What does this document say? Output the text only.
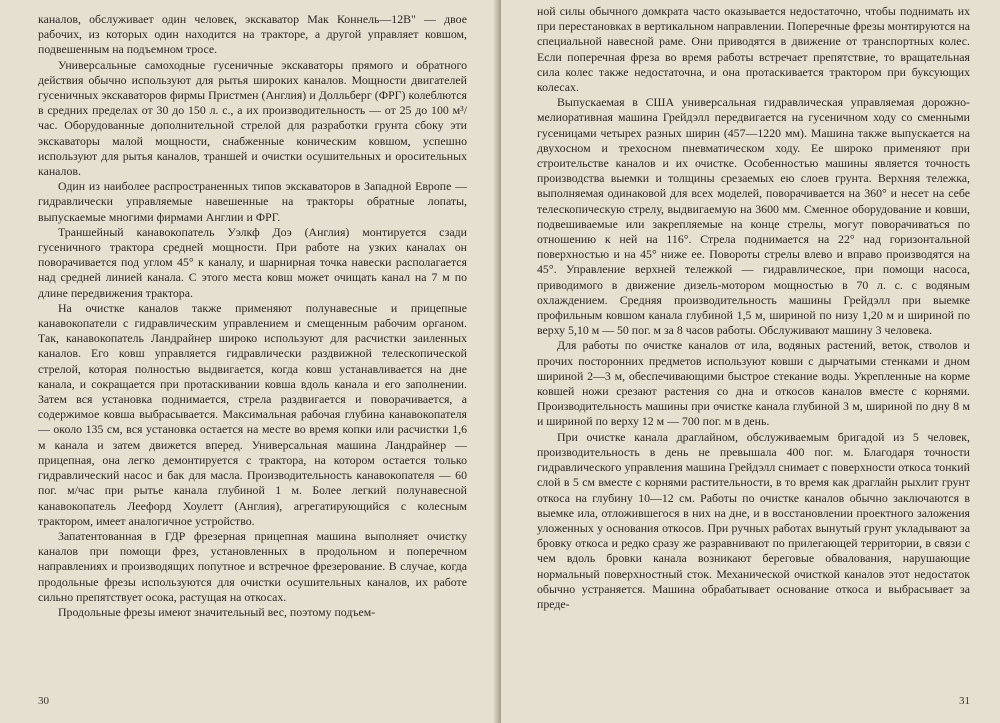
каналов, обслуживает один человек, экскаватор Мак Коннель—12В" — двое рабочих, из которых один находится на тракторе, а другой управляет ковшом, подвешенным на подъемном тросе.

Универсальные самоходные гусеничные экскаваторы прямого и обратного действия обычно используют для рытья широких каналов. Мощности двигателей гусеничных экскаваторов фирмы Пристмен (Англия) и Долльберг (ФРГ) колеблются в средних пределах от 30 до 150 л. с., а их производительность — от 25 до 100 м³/час. Оборудованные дополнительной стрелой для разработки грунта сбоку эти экскаваторы малой мощности, снабженные коническим ковшом, успешно используют для рытья каналов, траншей и очистки осушительных и оросительных каналов.

Один из наиболее распространенных типов экскаваторов в Западной Европе — гидравлически управляемые навешенные на тракторы обратные лопаты, выпускаемые многими фирмами Англии и ФРГ.

Траншейный канавокопатель Уэлкф Доэ (Англия) монтируется сзади гусеничного трактора средней мощности. При работе на узких каналах он поворачивается под углом 45° к каналу, и шарнирная точка навески располагается над средней линией канала. С этого места ковш может очищать канал на 7 м по длине передвижения трактора.

На очистке каналов также применяют полунавесные и прицепные канавокопатели с гидравлическим управлением и смещенным рабочим органом. Так, канавокопатель Ландрайнер широко используют для расчистки заиленных каналов. Его ковш управляется гидравлически раздвижной телескопической стрелой, которая полностью выдвигается, когда ковш устанавливается на дне канала, и сокращается при протаскивании ковша вдоль канала и его заполнении. Затем вся установка поднимается, стрела раздвигается и поворачивается, а содержимое ковша выбрасывается. Максимальная рабочая глубина канавокопателя — около 135 см, вся установка остается на месте во время копки или расчистки 1,6 м канала и затем движется вперед. Универсальная машина Ландрайнер — прицепная, она легко демонтируется с трактора, на котором остается только гидравлический насос и бак для масла. Производительность канавокопателя — 60 пог. м/час при рытье канала глубиной 1 м. Более легкий полунавесной канавокопатель Леефорд Хоулетт (Англия), агрегатирующийся с колесным трактором, имеет аналогичное устройство.

Запатентованная в ГДР фрезерная прицепная машина выполняет очистку каналов при помощи фрез, установленных в продольном и поперечном направлениях и производящих попутное и встречное фрезерование. В случае, когда продольные фрезы используются для очистки осушительных каналов, их работе сильно препятствует осока, растущая на откосах.

Продольные фрезы имеют значительный вес, поэтому подъем-

30

ной силы обычного домкрата часто оказывается недостаточно, чтобы поднимать их при перестановках в вертикальном направлении. Поперечные фрезы монтируются на специальной навесной раме. Они приводятся в движение от транспортных колес. Если поперечная фреза во время работы встречает препятствие, то вращательная сила колес также недостаточна, и она протаскивается трактором при буксующих колесах.

Выпускаемая в США универсальная гидравлическая управляемая дорожно-мелиоративная машина Грейдэлл передвигается на гусеничном ходу со сменными гусеницами четырех разных ширин (457—1220 мм). Машина также выпускается на двухосном и трехосном пневматическом ходу. Ее широко применяют при строительстве каналов и их очистке. Особенностью машины является точность производства выемки и толщины срезаемых ею слоев грунта. Верхняя тележка, выполняемая одинаковой для всех моделей, поворачивается на 360° и несет на себе телескопическую стрелу, выдвигаемую на 3600 мм. Сменное оборудование и ковши, подвешиваемые или закрепляемые на конце стрелы, могут поворачиваться по отношению к ней на 116°. Стрела поднимается на 22° над горизонтальной поверхностью и на 45° ниже ее. Повороты стрелы влево и вправо производятся на 45°. Управление верхней тележкой — гидравлическое, при помощи насоса, приводимого в движение дизель-мотором мощностью в 70 л. с. с водяным охлаждением. Средняя производительность машины Грейдэлл при выемке профильным ковшом канала глубиной 1,5 м, шириной по низу 1,20 м и шириной по верху 5,10 м — 50 пог. м за 8 часов работы. Обслуживают машину 3 человека.

Для работы по очистке каналов от ила, водяных растений, веток, стволов и прочих посторонних предметов используют ковши с дырчатыми стенками и дном шириной 2—3 м, обеспечивающими быстрое стекание воды. Укрепленные на корме ковшей ножи срезают растения со дна и откосов каналов вместе с корнями. Производительность машины при очистке канала глубиной 3 м, шириной по дну 8 м и шириной по верху 12 м — 700 пог. м в день.

При очистке канала драглайном, обслуживаемым бригадой из 5 человек, производительность в день не превышала 400 пог. м. Благодаря точности гидравлического управления машина Грейдэлл снимает с поверхности откоса тонкий слой в 5 см вместе с корнями растительности, в то время как драглайн рыхлит грунт откоса на глубину 10—12 см. Работы по очистке каналов обычно заключаются в выемке ила, отложившегося в них на дне, и в восстановлении проектного заложения уложенных у основания откосов. При ручных работах вынутый грунт укладывают за бровку откоса и редко сразу же разравнивают по прилегающей территории, в связи с чем вдоль бровки канала возникают береговые обвалования, нарушающие нормальный поверхностный сток. Механической очисткой каналов этот недостаток обычно устраняется. Машина обрабатывает основание откоса и выбрасывает за преде-

31
